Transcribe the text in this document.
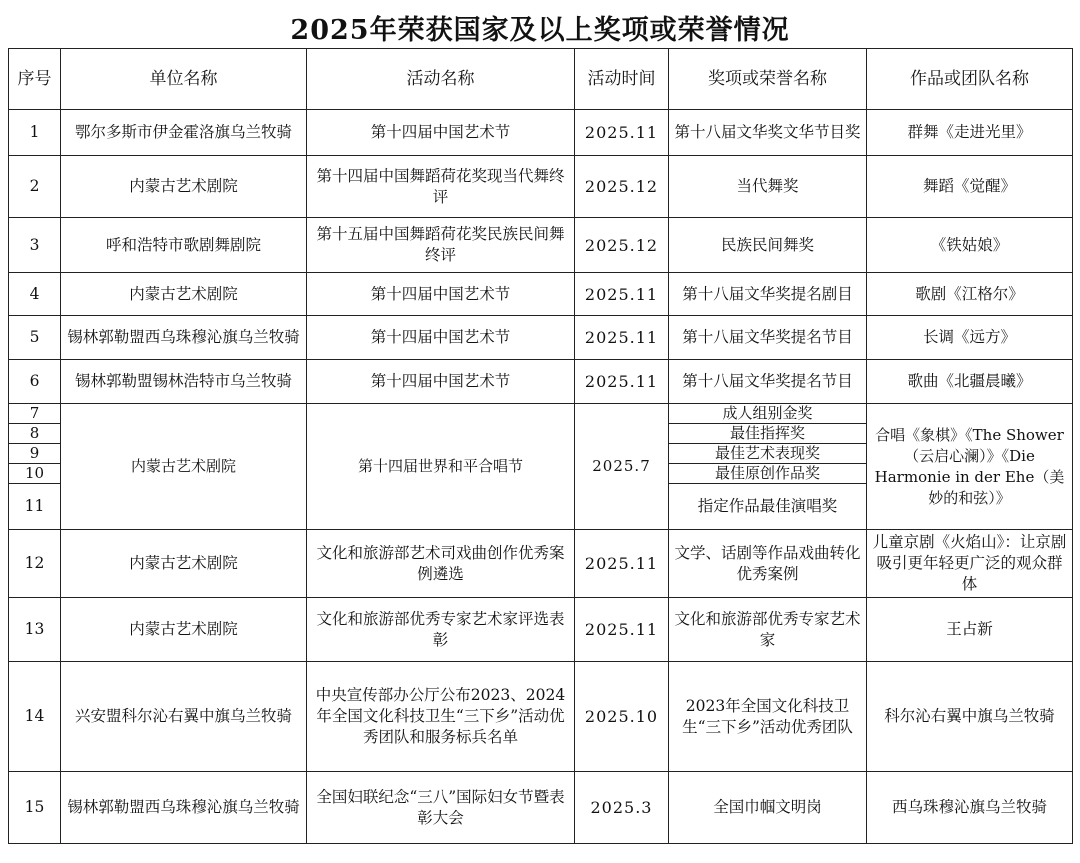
2025年荣获国家及以上奖项或荣誉情况
序号	单位名称	活动名称	活动时间	奖项或荣誉名称	作品或团队名称
1	鄂尔多斯市伊金霍洛旗乌兰牧骑	第十四届中国艺术节	2025.11	第十八届文华奖文华节目奖	群舞《走进光里》
2	内蒙古艺术剧院	第十四届中国舞蹈荷花奖现当代舞终评	2025.12	当代舞奖	舞蹈《觉醒》
3	呼和浩特市歌剧舞剧院	第十五届中国舞蹈荷花奖民族民间舞终评	2025.12	民族民间舞奖	《铁姑娘》
4	内蒙古艺术剧院	第十四届中国艺术节	2025.11	第十八届文华奖提名剧目	歌剧《江格尔》
5	锡林郭勒盟西乌珠穆沁旗乌兰牧骑	第十四届中国艺术节	2025.11	第十八届文华奖提名节目	长调《远方》
6	锡林郭勒盟锡林浩特市乌兰牧骑	第十四届中国艺术节	2025.11	第十八届文华奖提名节目	歌曲《北疆晨曦》
7	内蒙古艺术剧院	第十四届世界和平合唱节	2025.7	成人组别金奖	合唱《象棋》《The Shower（云启心澜）》《Die Harmonie in der Ehe（美妙的和弦）》
8				最佳指挥奖	
9				最佳艺术表现奖	
10				最佳原创作品奖	
11				指定作品最佳演唱奖	
12	内蒙古艺术剧院	文化和旅游部艺术司戏曲创作优秀案例遴选	2025.11	文学、话剧等作品戏曲转化优秀案例	儿童京剧《火焰山》：让京剧吸引更年轻更广泛的观众群体
13	内蒙古艺术剧院	文化和旅游部优秀专家艺术家评选表彰	2025.11	文化和旅游部优秀专家艺术家	王占新
14	兴安盟科尔沁右翼中旗乌兰牧骑	中央宣传部办公厅公布2023、2024年全国文化科技卫生“三下乡”活动优秀团队和服务标兵名单	2025.10	2023年全国文化科技卫生“三下乡”活动优秀团队	科尔沁右翼中旗乌兰牧骑
15	锡林郭勒盟西乌珠穆沁旗乌兰牧骑	全国妇联纪念“三八”国际妇女节暨表彰大会	2025.3	全国巾帼文明岗	西乌珠穆沁旗乌兰牧骑
